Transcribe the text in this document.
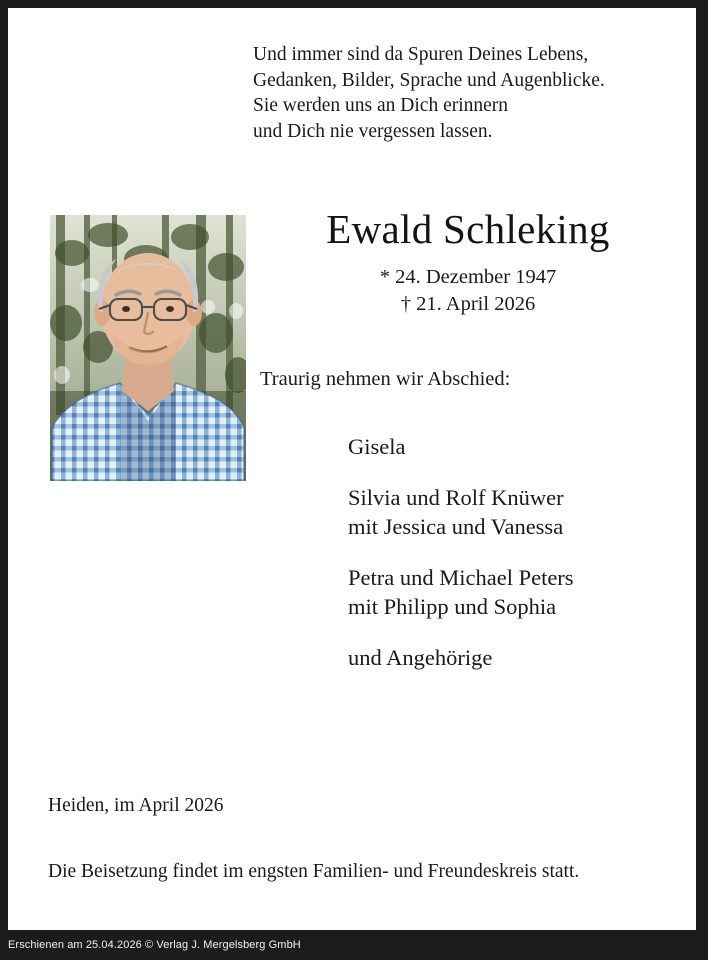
Und immer sind da Spuren Deines Lebens,
Gedanken, Bilder, Sprache und Augenblicke.
Sie werden uns an Dich erinnern
und Dich nie vergessen lassen.
Ewald Schleking
* 24. Dezember 1947
† 21. April 2026
Traurig nehmen wir Abschied:
Gisela
Silvia und Rolf Knüwer
mit Jessica und Vanessa
Petra und Michael Peters
mit Philipp und Sophia
und Angehörige
Heiden, im April 2026
Die Beisetzung findet im engsten Familien- und Freundeskreis statt.
Erschienen am 25.04.2026 © Verlag J. Mergelsberg GmbH
